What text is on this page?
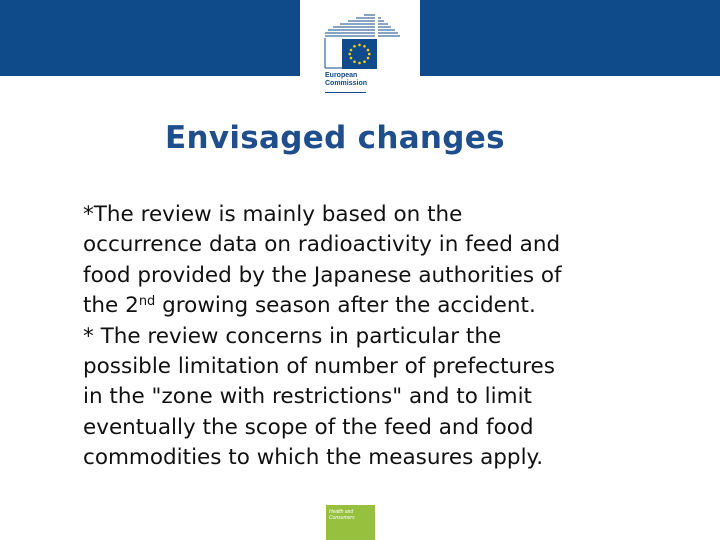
European
Commission
Envisaged changes

*The review is mainly based on the
occurrence data on radioactivity in feed and
food provided by the Japanese authorities of
the 2nd growing season after the accident.

* The review concerns in particular the
possible limitation of number of prefectures
in the "zone with restrictions" and to limit
eventually the scope of the feed and food
commodities to which the measures apply.

Health and
Consumers
